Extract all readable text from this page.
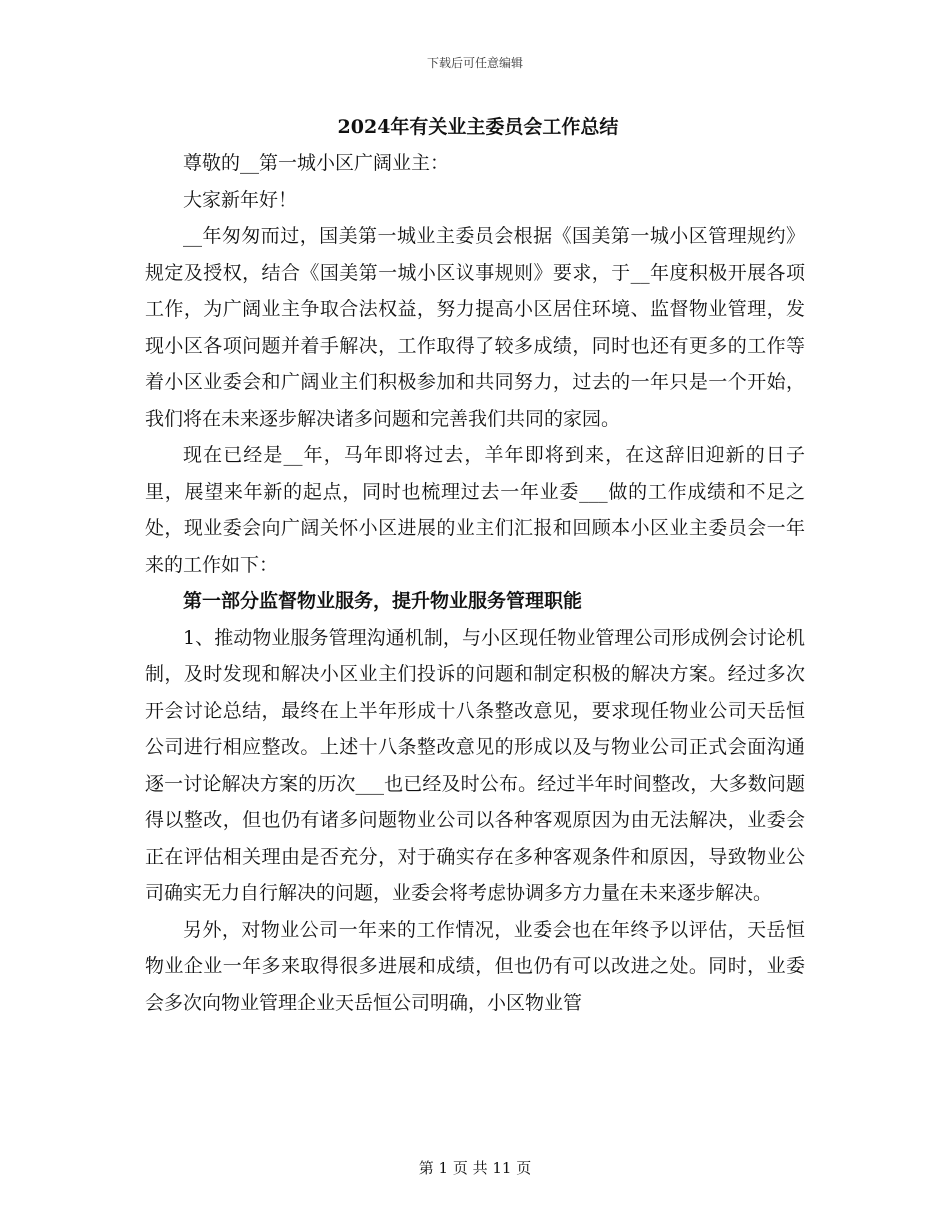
下载后可任意编辑
2024年有关业主委员会工作总结

尊敬的__第一城小区广阔业主：

大家新年好！

__年匆匆而过，国美第一城业主委员会根据《国美第一城小区管理规约》规定及授权，结合《国美第一城小区议事规则》要求，于__年度积极开展各项工作，为广阔业主争取合法权益，努力提高小区居住环境、监督物业管理，发现小区各项问题并着手解决，工作取得了较多成绩，同时也还有更多的工作等着小区业委会和广阔业主们积极参加和共同努力，过去的一年只是一个开始，我们将在未来逐步解决诸多问题和完善我们共同的家园。

现在已经是__年，马年即将过去，羊年即将到来，在这辞旧迎新的日子里，展望来年新的起点，同时也梳理过去一年业委___做的工作成绩和不足之处，现业委会向广阔关怀小区进展的业主们汇报和回顾本小区业主委员会一年来的工作如下：

第一部分监督物业服务，提升物业服务管理职能

1、推动物业服务管理沟通机制，与小区现任物业管理公司形成例会讨论机制，及时发现和解决小区业主们投诉的问题和制定积极的解决方案。经过多次开会讨论总结，最终在上半年形成十八条整改意见，要求现任物业公司天岳恒公司进行相应整改。上述十八条整改意见的形成以及与物业公司正式会面沟通逐一讨论解决方案的历次___也已经及时公布。经过半年时间整改，大多数问题得以整改，但也仍有诸多问题物业公司以各种客观原因为由无法解决，业委会正在评估相关理由是否充分，对于确实存在多种客观条件和原因，导致物业公司确实无力自行解决的问题，业委会将考虑协调多方力量在未来逐步解决。

另外，对物业公司一年来的工作情况，业委会也在年终予以评估，天岳恒物业企业一年多来取得很多进展和成绩，但也仍有可以改进之处。同时，业委会多次向物业管理企业天岳恒公司明确，小区物业管

第 1 页 共 11 页
